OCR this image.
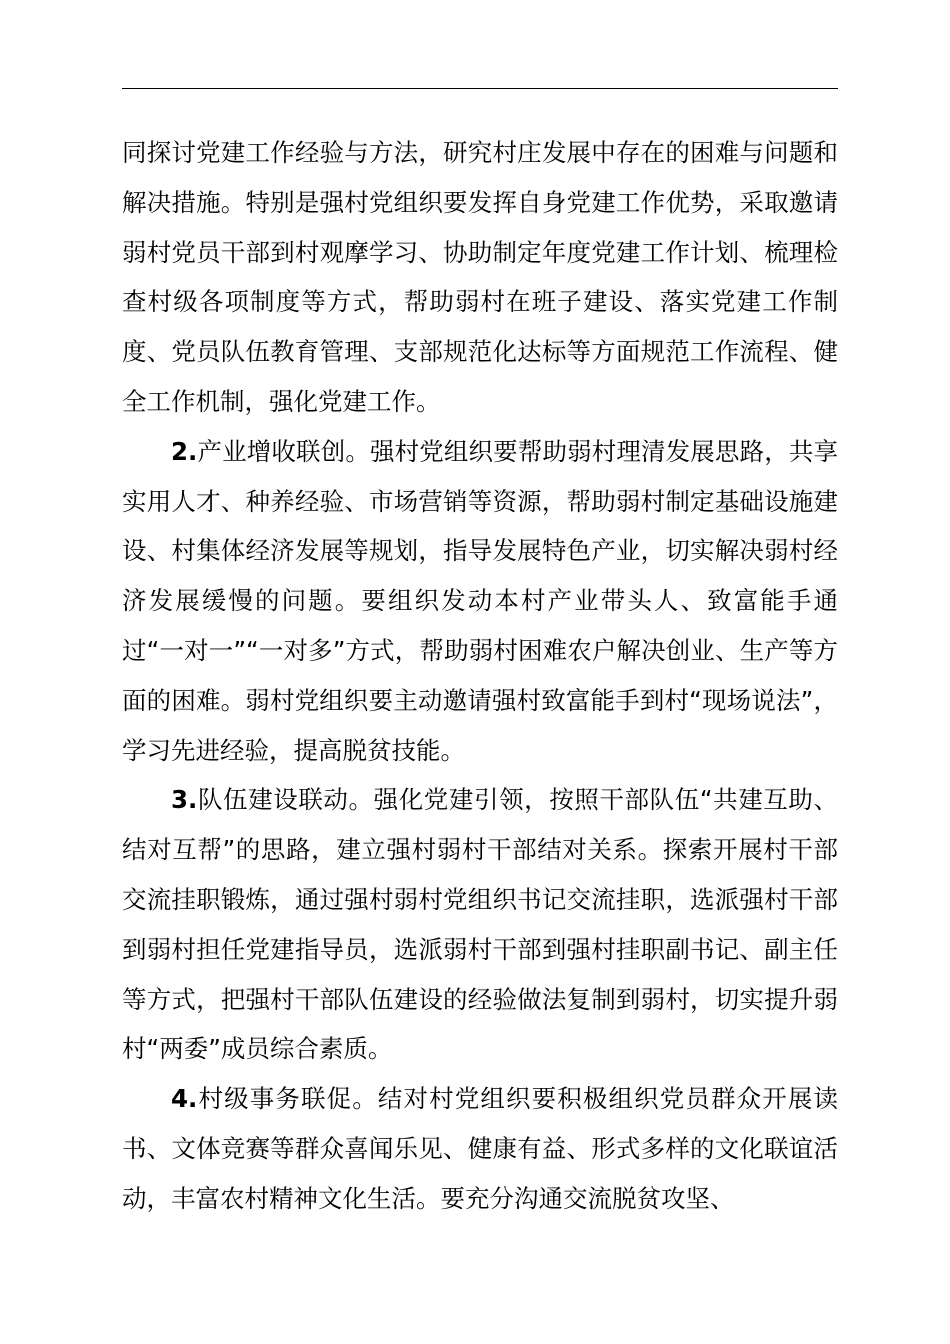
同探讨党建工作经验与方法，研究村庄发展中存在的困难与问题和解决措施。特别是强村党组织要发挥自身党建工作优势，采取邀请弱村党员干部到村观摩学习、协助制定年度党建工作计划、梳理检查村级各项制度等方式，帮助弱村在班子建设、落实党建工作制度、党员队伍教育管理、支部规范化达标等方面规范工作流程、健全工作机制，强化党建工作。

2.产业增收联创。强村党组织要帮助弱村理清发展思路，共享实用人才、种养经验、市场营销等资源，帮助弱村制定基础设施建设、村集体经济发展等规划，指导发展特色产业，切实解决弱村经济发展缓慢的问题。要组织发动本村产业带头人、致富能手通过“一对一”“一对多”方式，帮助弱村困难农户解决创业、生产等方面的困难。弱村党组织要主动邀请强村致富能手到村“现场说法”，学习先进经验，提高脱贫技能。

3.队伍建设联动。强化党建引领，按照干部队伍“共建互助、结对互帮”的思路，建立强村弱村干部结对关系。探索开展村干部交流挂职锻炼，通过强村弱村党组织书记交流挂职，选派强村干部到弱村担任党建指导员，选派弱村干部到强村挂职副书记、副主任等方式，把强村干部队伍建设的经验做法复制到弱村，切实提升弱村“两委”成员综合素质。

4.村级事务联促。结对村党组织要积极组织党员群众开展读书、文体竞赛等群众喜闻乐见、健康有益、形式多样的文化联谊活动，丰富农村精神文化生活。要充分沟通交流脱贫攻坚、
